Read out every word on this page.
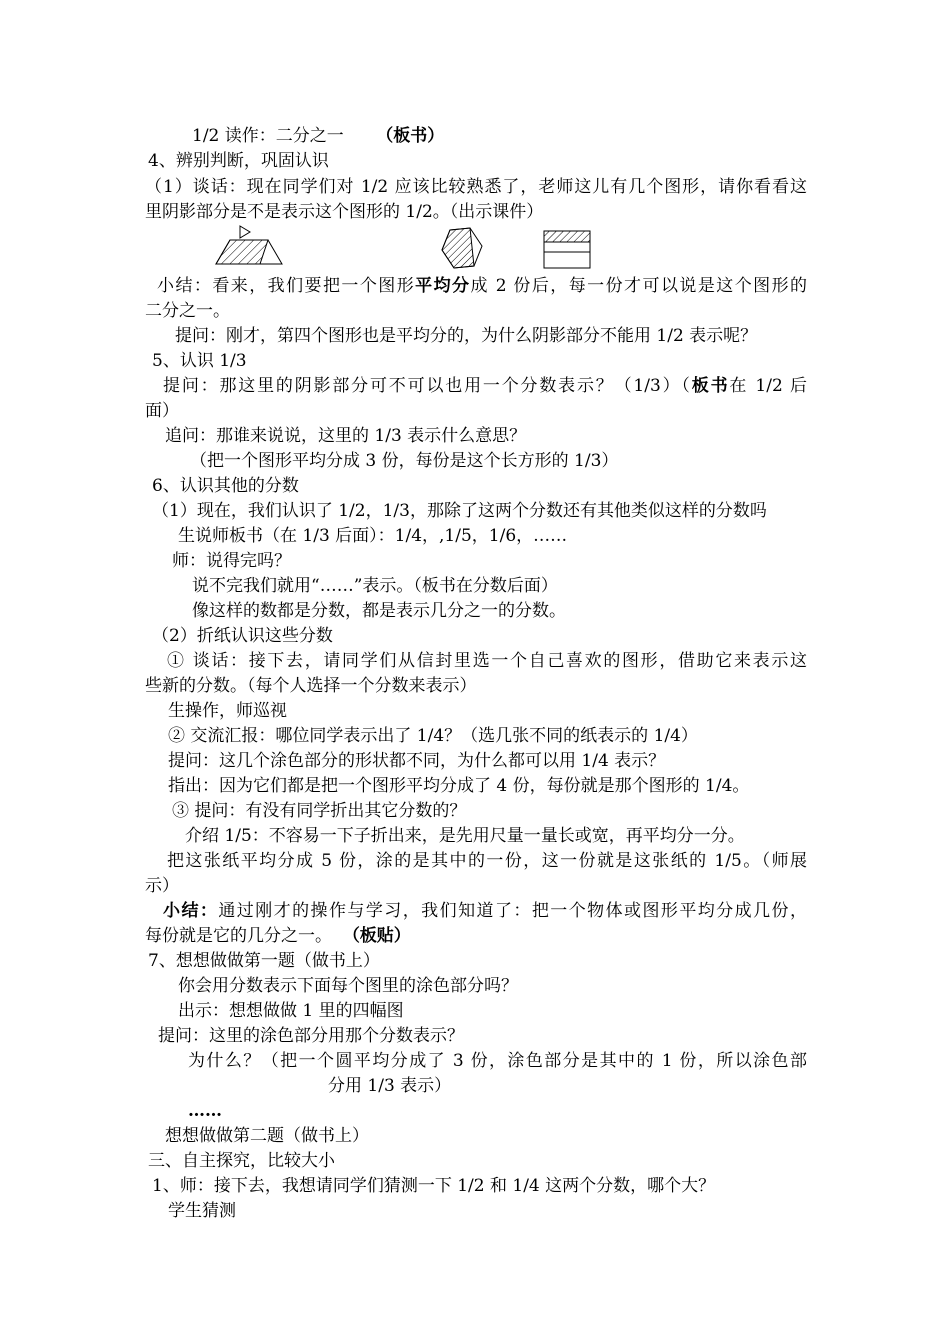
1/2 读作：二分之一 （板书）
4、辨别判断，巩固认识
（1）谈话：现在同学们对 1/2 应该比较熟悉了，老师这儿有几个图形，请你看看这
里阴影部分是不是表示这个图形的 1/2。（出示课件）
小结：看来，我们要把一个图形平均分成 2 份后，每一份才可以说是这个图形的
二分之一。
提问：刚才，第四个图形也是平均分的，为什么阴影部分不能用 1/2 表示呢？
5、认识 1/3
提问：那这里的阴影部分可不可以也用一个分数表示？（1/3）（板书在 1/2 后
面）
追问：那谁来说说，这里的 1/3 表示什么意思？
（把一个图形平均分成 3 份，每份是这个长方形的 1/3）
6、认识其他的分数
（1）现在，我们认识了 1/2，1/3，那除了这两个分数还有其他类似这样的分数吗
生说师板书（在 1/3 后面）：1/4，,1/5，1/6，……
师：说得完吗？
说不完我们就用“……”表示。（板书在分数后面）
像这样的数都是分数，都是表示几分之一的分数。
（2）折纸认识这些分数
① 谈话：接下去，请同学们从信封里选一个自己喜欢的图形，借助它来表示这
些新的分数。（每个人选择一个分数来表示）
生操作，师巡视
② 交流汇报：哪位同学表示出了 1/4？（选几张不同的纸表示的 1/4）
提问：这几个涂色部分的形状都不同，为什么都可以用 1/4 表示？
指出：因为它们都是把一个图形平均分成了 4 份，每份就是那个图形的 1/4。
③ 提问：有没有同学折出其它分数的？
介绍 1/5：不容易一下子折出来，是先用尺量一量长或宽，再平均分一分。
把这张纸平均分成 5 份，涂的是其中的一份，这一份就是这张纸的 1/5。（师展
示）
小结：通过刚才的操作与学习，我们知道了：把一个物体或图形平均分成几份，
每份就是它的几分之一。 （板贴）
7、想想做做第一题（做书上）
你会用分数表示下面每个图里的涂色部分吗？
出示：想想做做 1 里的四幅图
提问：这里的涂色部分用那个分数表示？
为什么？（把一个圆平均分成了 3 份，涂色部分是其中的 1 份，所以涂色部
分用 1/3 表示）
……
想想做做第二题（做书上）
三、自主探究，比较大小
1、师：接下去，我想请同学们猜测一下 1/2 和 1/4 这两个分数，哪个大？
学生猜测
